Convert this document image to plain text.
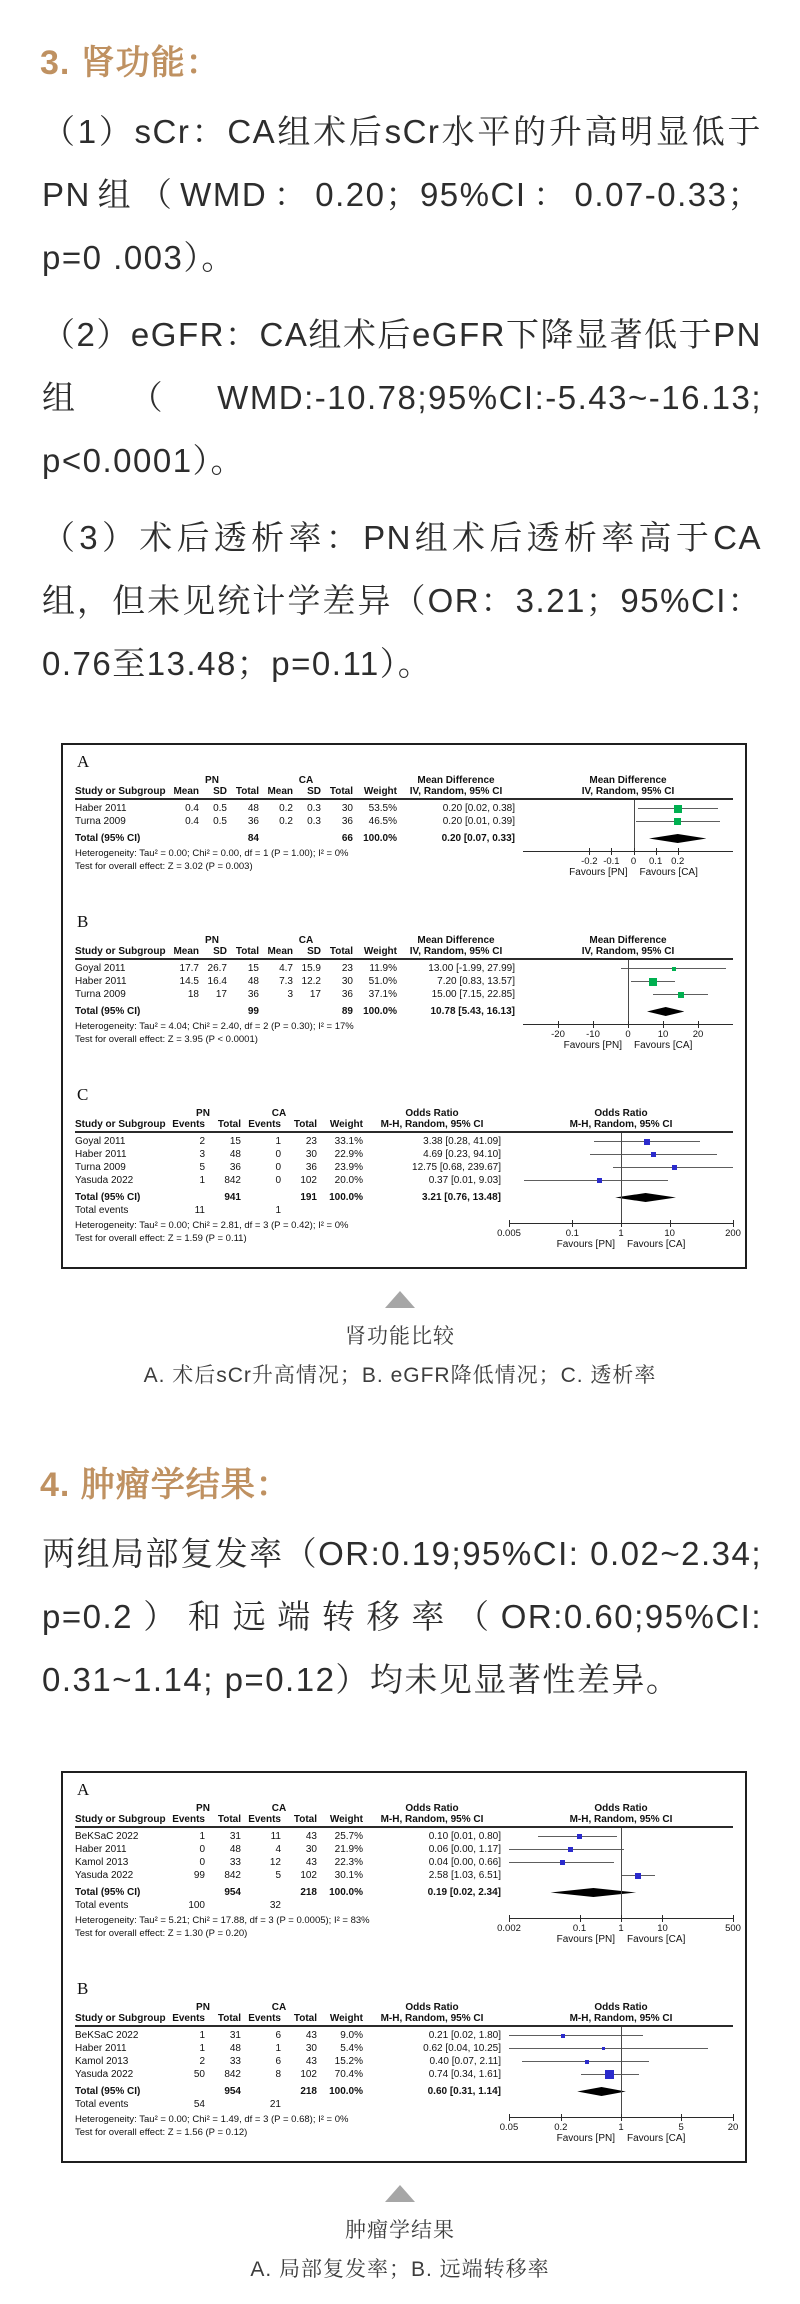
3. 肾功能：

（1）sCr：CA组术后sCr水平的升高明显低于PN组（WMD：0.20；95%CI：0.07-0.33；p=0 .003）。

（2）eGFR：CA组术后eGFR下降显著低于PN组（WMD:-10.78;95%CI:-5.43~-16.13; p<0.0001）。

（3）术后透析率：PN组术后透析率高于CA组，但未见统计学差异（OR：3.21；95%CI：0.76至13.48；p=0.11）。

A
PN	CA	Mean Difference	Mean Difference
Study or Subgroup Mean	SD Total Mean	SD Total	Weight	IV, Random, 95% CI	IV, Random, 95% CI
Haber 2011	0.4	0.5	48	0.2	0.3	30	53.5%	0.20 [0.02, 0.38]
Turna 2009	0.4	0.5	36	0.2	0.3	36	46.5%	0.20 [0.01, 0.39]
Total (95% CI)	84	66	100.0%	0.20 [0.07, 0.33]
Heterogeneity: Tau² = 0.00; Chi² = 0.00, df = 1 (P = 1.00); I² = 0%
Test for overall effect: Z = 3.02 (P = 0.003)	-0.2 -0.1	0	0.1 0.2
Favours [PN] Favours [CA]
B
PN	CA	Mean Difference	Mean Difference
Study or Subgroup Mean	SD Total Mean	SD Total	Weight	IV, Random, 95% CI	IV, Random, 95% CI
Goyal 2011	17.7 26.7	15	4.7 15.9	23	11.9%	13.00 [-1.99, 27.99]
Haber 2011	14.5 16.4	48	7.3 12.2	30	51.0%	7.20 [0.83, 13.57]
Turna 2009	18	17	36	3	17	36	37.1%	15.00 [7.15, 22.85]
Total (95% CI)	99	89	100.0%	10.78 [5.43, 16.13]
Heterogeneity: Tau² = 4.04; Chi² = 2.40, df = 2 (P = 0.30); I² = 17%
Test for overall effect: Z = 3.95 (P < 0.0001)	-20	-10	0	10	20
Favours [PN] Favours [CA]
C
PN	CA	Odds Ratio	Odds Ratio
Study or Subgroup Events	Total Events	Total	Weight	M-H, Random, 95% CI	M-H, Random, 95% CI
Goyal 2011	2	15	1	23	33.1%	3.38 [0.28, 41.09]
Haber 2011	3	48	0	30	22.9%	4.69 [0.23, 94.10]
Turna 2009	5	36	0	36	23.9%	12.75 [0.68, 239.67]
Yasuda 2022	1	842	0	102	20.0%	0.37 [0.01, 9.03]
Total (95% CI)	941	191	100.0%	3.21 [0.76, 13.48]
Total events	11	1
Heterogeneity: Tau² = 0.00; Chi² = 2.81, df = 3 (P = 0.42); I² = 0%
Test for overall effect: Z = 1.59 (P = 0.11)	0.005	0.1	1	10	200
Favours [PN] Favours [CA]
肾功能比较
A. 术后sCr升高情况；B. eGFR降低情况；C. 透析率
4. 肿瘤学结果：

两组局部复发率（OR:0.19;95%CI: 0.02~2.34; p=0.2）和远端转移率（OR:0.60;95%CI: 0.31~1.14; p=0.12）均未见显著性差异。

A
PN	CA	Odds Ratio	Odds Ratio
Study or Subgroup Events	Total Events	Total	Weight	M-H, Random, 95% CI	M-H, Random, 95% CI
BeKSaC 2022	1	31	11	43	25.7%	0.10 [0.01, 0.80]
Haber 2011	0	48	4	30	21.9%	0.06 [0.00, 1.17]
Kamol 2013	0	33	12	43	22.3%	0.04 [0.00, 0.66]
Yasuda 2022	99	842	5	102	30.1%	2.58 [1.03, 6.51]
Total (95% CI)	954	218	100.0%	0.19 [0.02, 2.34]
Total events	100	32
Heterogeneity: Tau² = 5.21; Chi² = 17.88, df = 3 (P = 0.0005); I² = 83%
Test for overall effect: Z = 1.30 (P = 0.20)	0.002	0.1	1	10	500
Favours [PN] Favours [CA]
B
PN	CA	Odds Ratio	Odds Ratio
Study or Subgroup Events	Total Events	Total	Weight	M-H, Random, 95% CI	M-H, Random, 95% CI
BeKSaC 2022	1	31	6	43	9.0%	0.21 [0.02, 1.80]
Haber 2011	1	48	1	30	5.4%	0.62 [0.04, 10.25]
Kamol 2013	2	33	6	43	15.2%	0.40 [0.07, 2.11]
Yasuda 2022	50	842	8	102	70.4%	0.74 [0.34, 1.61]
Total (95% CI)	954	218	100.0%	0.60 [0.31, 1.14]
Total events	54	21
Heterogeneity: Tau² = 0.00; Chi² = 1.49, df = 3 (P = 0.68); I² = 0%
Test for overall effect: Z = 1.56 (P = 0.12)	0.05	0.2	1	5	20
Favours [PN] Favours [CA]
肿瘤学结果
A. 局部复发率；B. 远端转移率
